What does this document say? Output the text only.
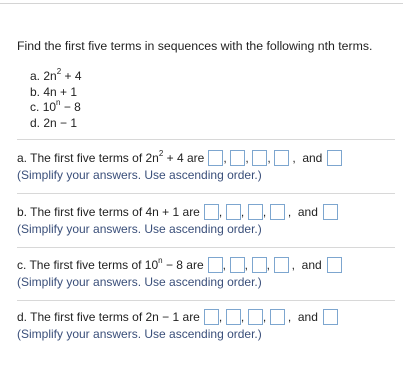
Find the first five terms in sequences with the following nth terms.
a. $2n^2 + 4$
b. 4n + 1
c. $10^n - 8$
d. 2n − 1
a. The first five terms of $2n^2 + 4$ are , , , , and
(Simplify your answers. Use ascending order.)
b. The first five terms of 4n + 1 are , , , , and
(Simplify your answers. Use ascending order.)
c. The first five terms of $10^n - 8$ are , , , , and
(Simplify your answers. Use ascending order.)
d. The first five terms of 2n − 1 are , , , , and
(Simplify your answers. Use ascending order.)
